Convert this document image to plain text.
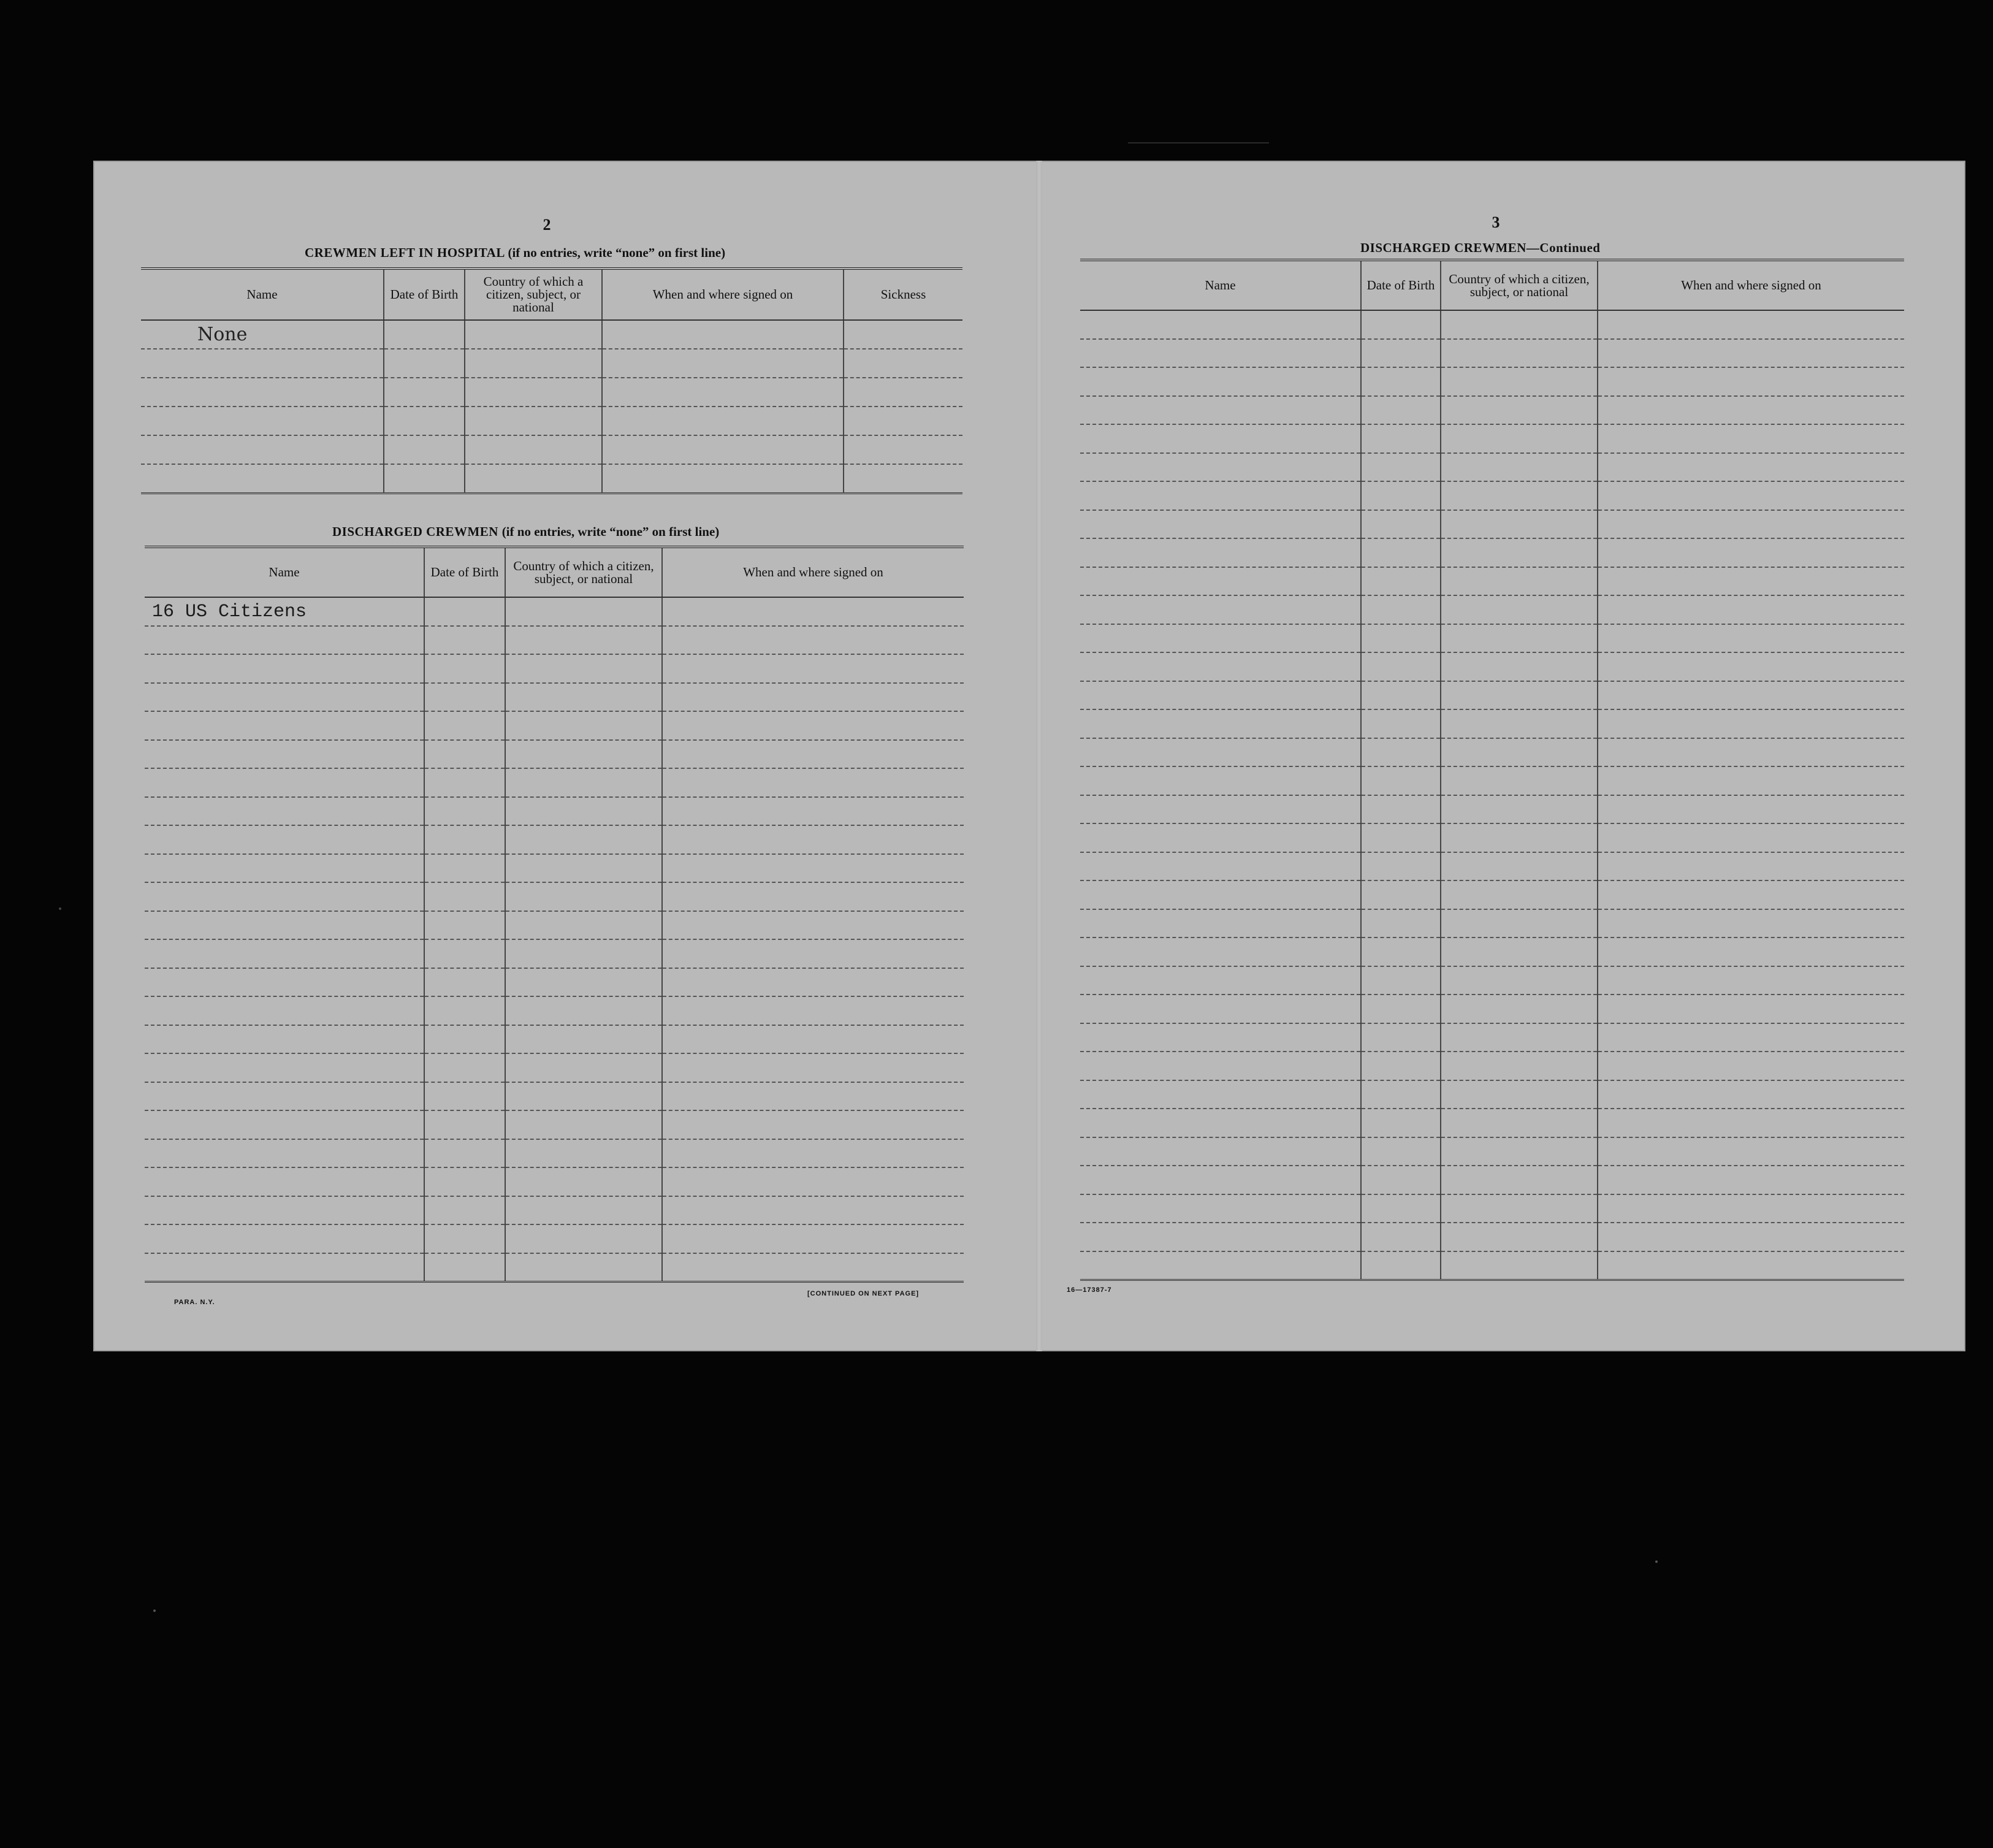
2
CREWMEN LEFT IN HOSPITAL (if no entries, write “none” on first line)
Name	Date of Birth	Country of which a citizen, subject, or national	When and where signed on	Sickness
None				

DISCHARGED CREWMEN (if no entries, write “none” on first line)
Name	Date of Birth	Country of which a citizen, subject, or national	When and where signed on
16 US Citizens			

PARA. N.Y.
[CONTINUED ON NEXT PAGE]
3
DISCHARGED CREWMEN—Continued
Name	Date of Birth	Country of which a citizen, subject, or national	When and where signed on

16—17387-7
